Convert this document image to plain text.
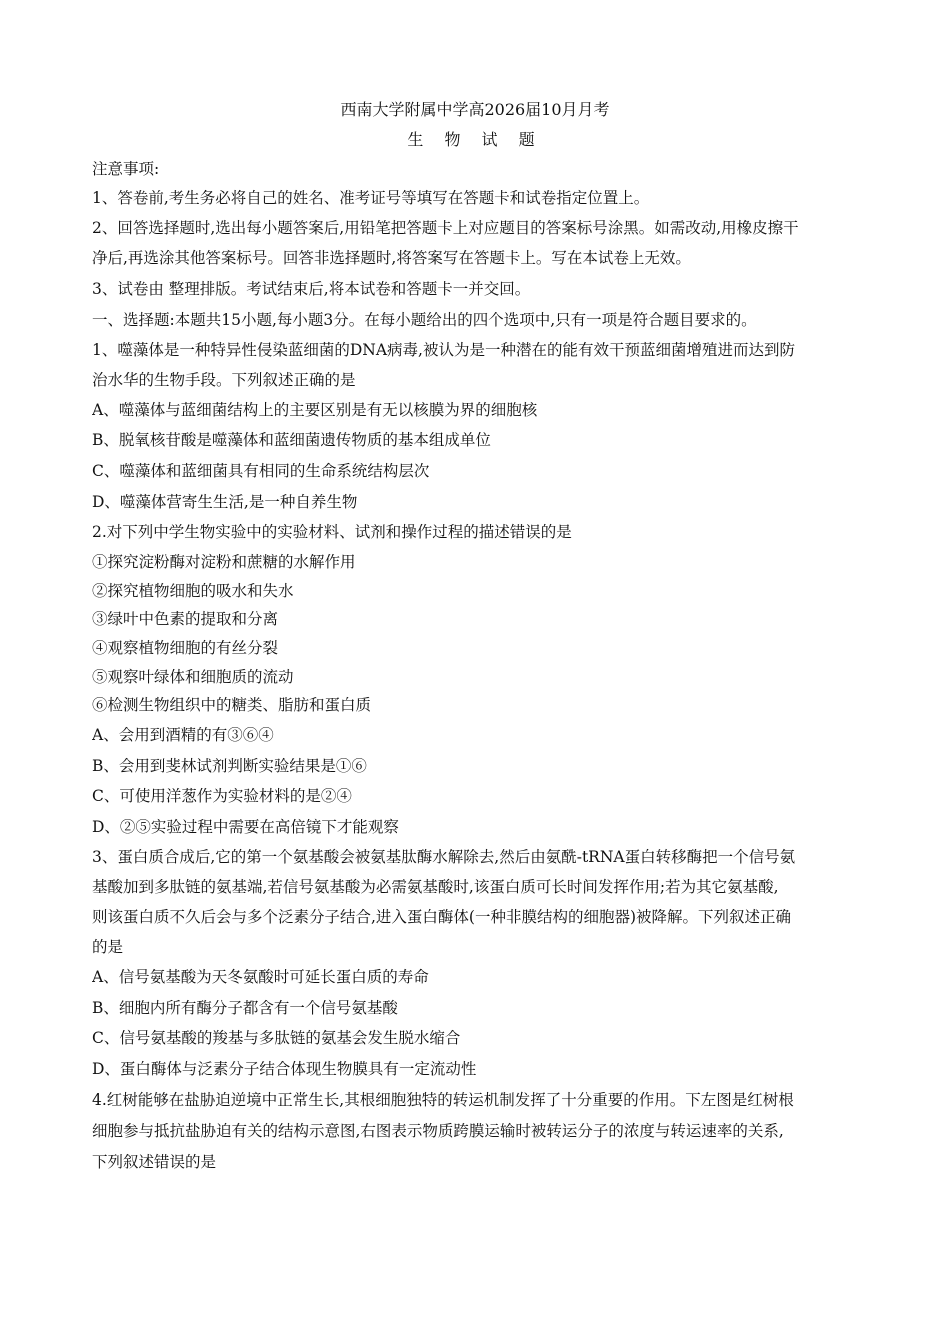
西南大学附属中学高2026届10月月考
生 物 试 题
注意事项:
1、答卷前,考生务必将自己的姓名、准考证号等填写在答题卡和试卷指定位置上。
2、回答选择题时,选出每小题答案后,用铅笔把答题卡上对应题目的答案标号涂黑。如需改动,用橡皮擦干
净后,再选涂其他答案标号。回答非选择题时,将答案写在答题卡上。写在本试卷上无效。
3、试卷由 整理排版。考试结束后,将本试卷和答题卡一并交回。
一、选择题:本题共15小题,每小题3分。在每小题给出的四个选项中,只有一项是符合题目要求的。
1、噬藻体是一种特异性侵染蓝细菌的DNA病毒,被认为是一种潜在的能有效干预蓝细菌增殖进而达到防
治水华的生物手段。下列叙述正确的是
A、噬藻体与蓝细菌结构上的主要区别是有无以核膜为界的细胞核
B、脱氧核苷酸是噬藻体和蓝细菌遗传物质的基本组成单位
C、噬藻体和蓝细菌具有相同的生命系统结构层次
D、噬藻体营寄生生活,是一种自养生物
2.对下列中学生物实验中的实验材料、试剂和操作过程的描述错误的是
①探究淀粉酶对淀粉和蔗糖的水解作用
②探究植物细胞的吸水和失水
③绿叶中色素的提取和分离
④观察植物细胞的有丝分裂
⑤观察叶绿体和细胞质的流动
⑥检测生物组织中的糖类、脂肪和蛋白质
A、会用到酒精的有③⑥④
B、会用到斐林试剂判断实验结果是①⑥
C、可使用洋葱作为实验材料的是②④
D、②⑤实验过程中需要在高倍镜下才能观察
3、蛋白质合成后,它的第一个氨基酸会被氨基肽酶水解除去,然后由氨酰-tRNA蛋白转移酶把一个信号氨
基酸加到多肽链的氨基端,若信号氨基酸为必需氨基酸时,该蛋白质可长时间发挥作用;若为其它氨基酸,
则该蛋白质不久后会与多个泛素分子结合,进入蛋白酶体(一种非膜结构的细胞器)被降解。下列叙述正确
的是
A、信号氨基酸为天冬氨酸时可延长蛋白质的寿命
B、细胞内所有酶分子都含有一个信号氨基酸
C、信号氨基酸的羧基与多肽链的氨基会发生脱水缩合
D、蛋白酶体与泛素分子结合体现生物膜具有一定流动性
4.红树能够在盐胁迫逆境中正常生长,其根细胞独特的转运机制发挥了十分重要的作用。下左图是红树根
细胞参与抵抗盐胁迫有关的结构示意图,右图表示物质跨膜运输时被转运分子的浓度与转运速率的关系,
下列叙述错误的是
